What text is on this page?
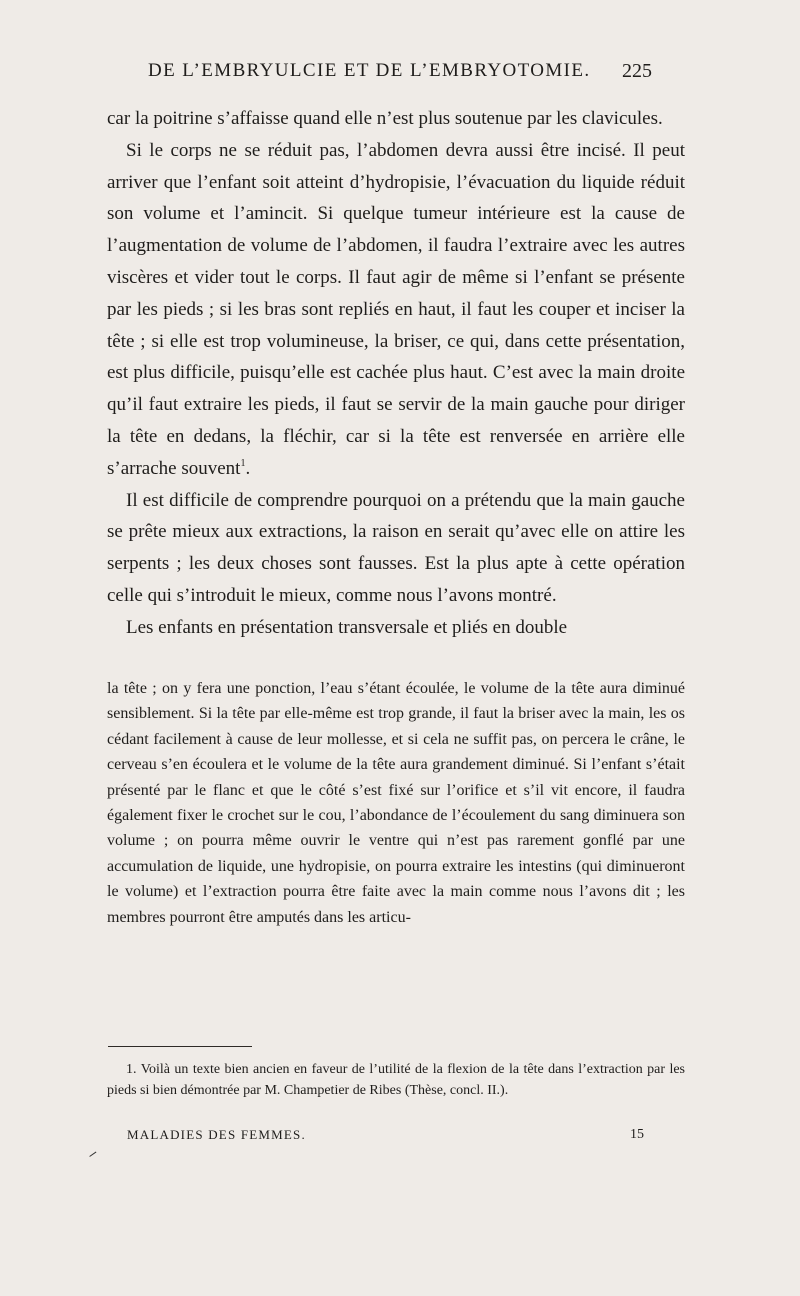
DE L’EMBRYULCIE ET DE L’EMBRYOTOMIE.	225

car la poitrine s’affaisse quand elle n’est plus soutenue par les clavicules.

Si le corps ne se réduit pas, l’abdomen devra aussi être incisé. Il peut arriver que l’enfant soit atteint d’hydropisie, l’évacuation du liquide réduit son volume et l’amincit. Si quelque tumeur intérieure est la cause de l’augmentation de volume de l’abdomen, il faudra l’extraire avec les autres viscères et vider tout le corps. Il faut agir de même si l’enfant se présente par les pieds ; si les bras sont repliés en haut, il faut les couper et inciser la tête ; si elle est trop volumineuse, la briser, ce qui, dans cette présentation, est plus difficile, puisqu’elle est cachée plus haut. C’est avec la main droite qu’il faut extraire les pieds, il faut se servir de la main gauche pour diriger la tête en dedans, la fléchir, car si la tête est renversée en arrière elle s’arrache souvent$^1$.

Il est difficile de comprendre pourquoi on a prétendu que la main gauche se prête mieux aux extractions, la raison en serait qu’avec elle on attire les serpents ; les deux choses sont fausses. Est la plus apte à cette opération celle qui s’introduit le mieux, comme nous l’avons montré.

Les enfants en présentation transversale et pliés en double

la tête ; on y fera une ponction, l’eau s’étant écoulée, le volume de la tête aura diminué sensiblement. Si la tête par elle-même est trop grande, il faut la briser avec la main, les os cédant facilement à cause de leur mollesse, et si cela ne suffit pas, on percera le crâne, le cerveau s’en écoulera et le volume de la tête aura grandement diminué. Si l’enfant s’était présenté par le flanc et que le côté s’est fixé sur l’orifice et s’il vit encore, il faudra également fixer le crochet sur le cou, l’abondance de l’écoulement du sang diminuera son volume ; on pourra même ouvrir le ventre qui n’est pas rarement gonflé par une accumulation de liquide, une hydropisie, on pourra extraire les intestins (qui diminueront le volume) et l’extraction pourra être faite avec la main comme nous l’avons dit ; les membres pourront être amputés dans les articu-

1. Voilà un texte bien ancien en faveur de l’utilité de la flexion de la tête dans l’extraction par les pieds si bien démontrée par M. Champetier de Ribes (Thèse, concl. II.).

MALADIES DES FEMMES.	15
